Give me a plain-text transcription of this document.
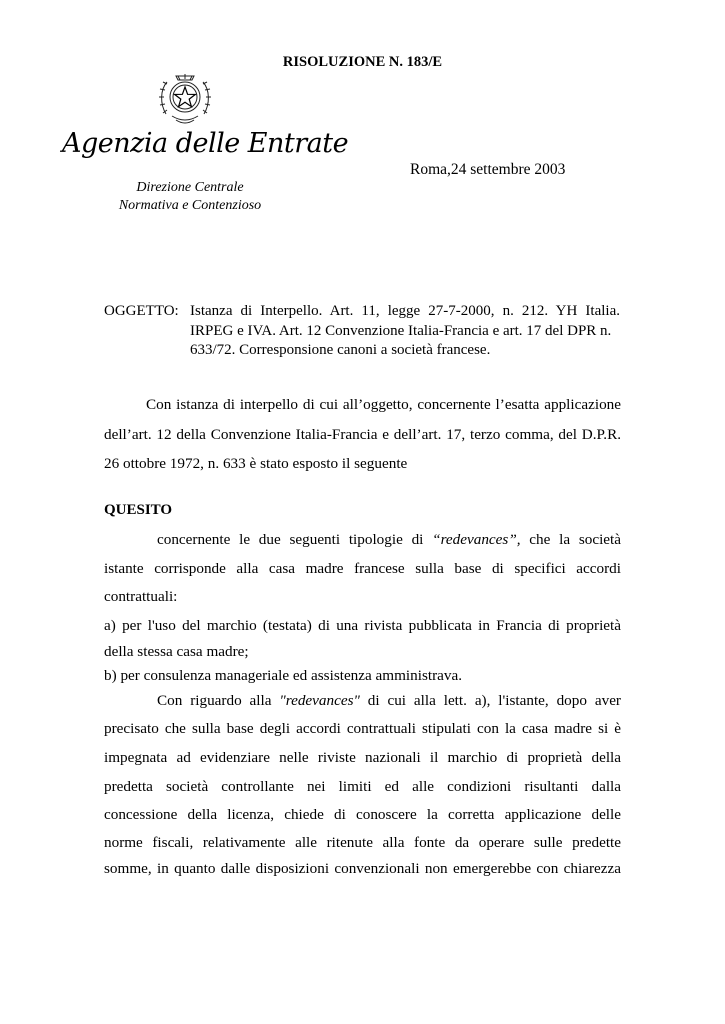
RISOLUZIONE N. 183/E
Agenzia delle Entrate
Direzione Centrale
Normativa e Contenzioso
Roma,24 settembre 2003
OGGETTO: Istanza di Interpello. Art. 11, legge 27-7-2000, n. 212. YH Italia.
IRPEG e IVA. Art. 12 Convenzione Italia-Francia e art. 17 del DPR n.
633/72. Corresponsione canoni a società francese.
Con istanza di interpello di cui all’oggetto, concernente l’esatta applicazione
dell’art. 12 della Convenzione Italia-Francia e dell’art. 17, terzo comma, del D.P.R.
26 ottobre 1972, n. 633 è stato esposto il seguente
QUESITO
concernente le due seguenti tipologie di “redevances”, che la società
istante corrisponde alla casa madre francese sulla base di specifici accordi
contrattuali:
a) per l'uso del marchio (testata) di una rivista pubblicata in Francia di proprietà
della stessa casa madre;
b) per consulenza manageriale ed assistenza amministrava.
Con riguardo alla "redevances" di cui alla lett. a), l'istante, dopo aver
precisato che sulla base degli accordi contrattuali stipulati con la casa madre si è
impegnata ad evidenziare nelle riviste nazionali il marchio di proprietà della
predetta società controllante nei limiti ed alle condizioni risultanti dalla
concessione della licenza, chiede di conoscere la corretta applicazione delle
norme fiscali, relativamente alle ritenute alla fonte da operare sulle predette
somme, in quanto dalle disposizioni convenzionali non emergerebbe con chiarezza
